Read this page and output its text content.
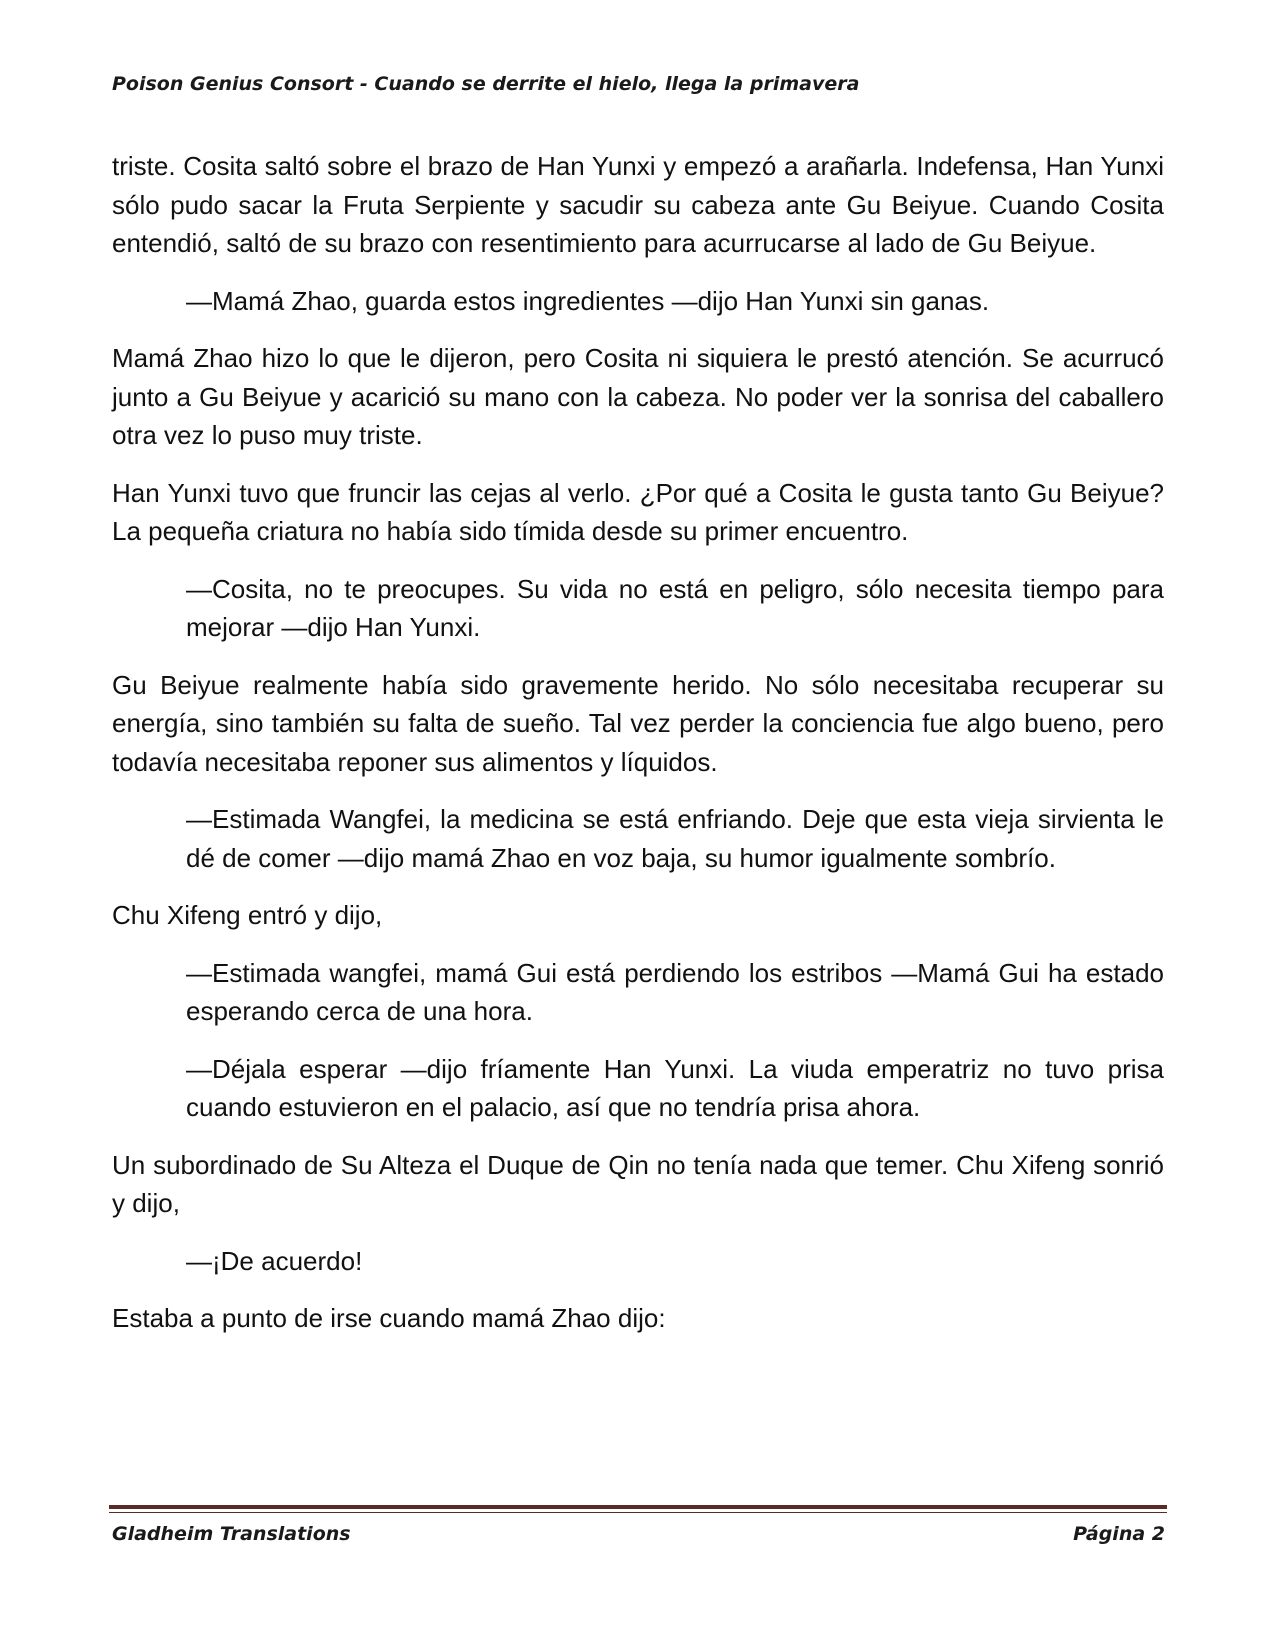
Poison Genius Consort - Cuando se derrite el hielo, llega la primavera

triste. Cosita saltó sobre el brazo de Han Yunxi y empezó a arañarla. Indefensa, Han Yunxi sólo pudo sacar la Fruta Serpiente y sacudir su cabeza ante Gu Beiyue. Cuando Cosita entendió, saltó de su brazo con resentimiento para acurrucarse al lado de Gu Beiyue.

—Mamá Zhao, guarda estos ingredientes —dijo Han Yunxi sin ganas.

Mamá Zhao hizo lo que le dijeron, pero Cosita ni siquiera le prestó atención. Se acurrucó junto a Gu Beiyue y acarició su mano con la cabeza. No poder ver la sonrisa del caballero otra vez lo puso muy triste.

Han Yunxi tuvo que fruncir las cejas al verlo. ¿Por qué a Cosita le gusta tanto Gu Beiyue? La pequeña criatura no había sido tímida desde su primer encuentro.

—Cosita, no te preocupes. Su vida no está en peligro, sólo necesita tiempo para mejorar —dijo Han Yunxi.

Gu Beiyue realmente había sido gravemente herido. No sólo necesitaba recuperar su energía, sino también su falta de sueño. Tal vez perder la conciencia fue algo bueno, pero todavía necesitaba reponer sus alimentos y líquidos.

—Estimada Wangfei, la medicina se está enfriando. Deje que esta vieja sirvienta le dé de comer —dijo mamá Zhao en voz baja, su humor igualmente sombrío.

Chu Xifeng entró y dijo,

—Estimada wangfei, mamá Gui está perdiendo los estribos —Mamá Gui ha estado esperando cerca de una hora.

—Déjala esperar —dijo fríamente Han Yunxi. La viuda emperatriz no tuvo prisa cuando estuvieron en el palacio, así que no tendría prisa ahora.

Un subordinado de Su Alteza el Duque de Qin no tenía nada que temer. Chu Xifeng sonrió y dijo,

—¡De acuerdo!

Estaba a punto de irse cuando mamá Zhao dijo:

Gladheim Translations	Página 2
